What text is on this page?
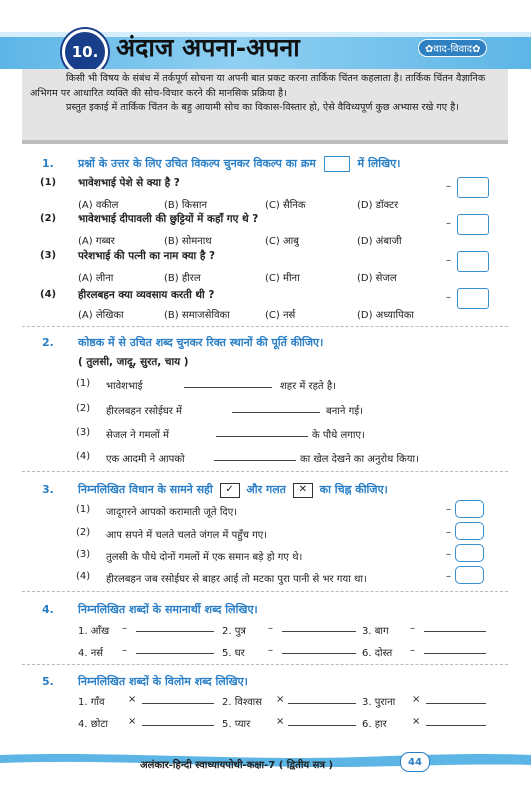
10. अंदाज अपना-अपना	✿वाद-विवाद✿

किसी भी विषय के संबंध में तर्कपूर्ण सोचना या अपनी बात प्रकट करना तार्किक चिंतन कहलाता है। तार्किक चिंतन वैज्ञानिक अभिगम पर आधारित व्यक्ति की सोच-विचार करने की मानसिक प्रक्रिया है।

प्रस्तुत इकाई में तार्किक चिंतन के बहु आयामी सोच का विकास-विस्तार हो, ऐसे वैविध्यपूर्ण कुछ अभ्यास रखे गए है।

1. प्रश्नों के उत्तर के लिए उचित विकल्प चुनकर विकल्प का क्रम	में लिखिए।
(1) भावेशभाई पेशे से क्या है ?
(A) वकील	(B) किसान	(C) सैनिक	(D) डॉक्टर
–
(2) भावेशभाई दीपावली की छुट्टियों में कहाँ गए थे ?
(A) गब्बर	(B) सोमनाथ	(C) आबु	(D) अंबाजी
–
(3) परेशभाई की पत्नी का नाम क्या है ?
(A) लीना	(B) हीरल	(C) मीना	(D) सेजल
–
(4) हीरलबहन क्या व्यवसाय करती थी ?
(A) लेखिका	(B) समाजसेविका	(C) नर्स	(D) अध्यापिका
–
2. कोष्ठक में से उचित शब्द चुनकर रिक्त स्थानों की पूर्ति कीजिए।
( तुलसी, जादू, सुरत, चाय )
(1) भावेशभाई	शहर में रहते है।
(2) हीरलबहन रसोईघर में	बनाने गई।
(3) सेजल ने गमलों में	के पौधे लगाए।
(4) एक आदमी ने आपको	का खेल देखने का अनुरोध किया।
3. निम्नलिखित विधान के सामने सही ✓ और गलत ✕ का चिह्न कीजिए।
(1) जादूगरने आपको करामाती जूते दिए।	–
(2) आप सपने में चलते चलते जंगल में पहुँच गए।	–
(3) तुलसी के पौधे दोनों गमलों में एक समान बड़े हो गए थे।	–
(4) हीरलबहन जब रसोईघर से बाहर आई तो मटका पुरा पानी से भर गया था।	–
4. निम्नलिखित शब्दों के समानार्थी शब्द लिखिए।
1. आँख –	2. पुत्र –	3. बाग –
4. नर्स –	5. घर –	6. दोस्त –
5. निम्नलिखित शब्दों के विलोम शब्द लिखिए।
1. गाँव ×	2. विश्वास ×	3. पुराना ×
4. छोटा ×	5. प्यार	×	6. हार	×
अलंकार-हिन्दी स्वाध्यायपोथी-कक्षा-7 ( द्वितीय सत्र )	44
